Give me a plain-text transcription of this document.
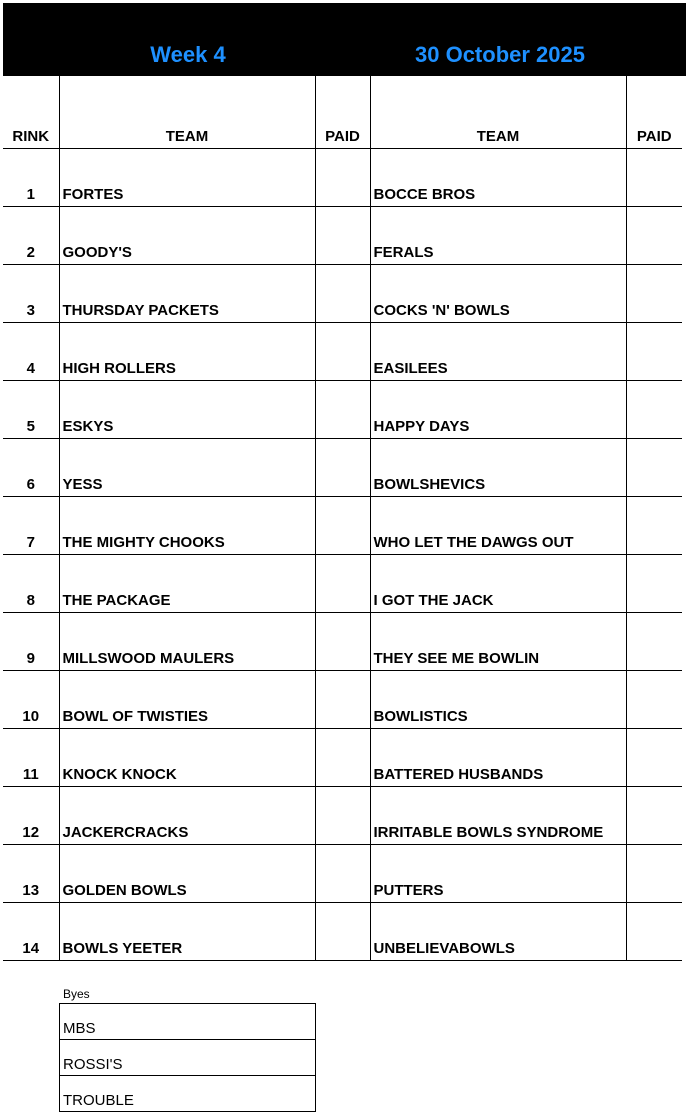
Week 4	30 October 2025
RINK	TEAM	PAID	TEAM	PAID
1	FORTES		BOCCE BROS	
2	GOODY'S		FERALS	
3	THURSDAY PACKETS		COCKS 'N' BOWLS	
4	HIGH ROLLERS		EASILEES	
5	ESKYS		HAPPY DAYS	
6	YESS		BOWLSHEVICS	
7	THE MIGHTY CHOOKS		WHO LET THE DAWGS OUT	
8	THE PACKAGE		I GOT THE JACK	
9	MILLSWOOD MAULERS		THEY SEE ME BOWLIN	
10	BOWL OF TWISTIES		BOWLISTICS	
11	KNOCK KNOCK		BATTERED HUSBANDS	
12	JACKERCRACKS		IRRITABLE BOWLS SYNDROME	
13	GOLDEN BOWLS		PUTTERS	
14	BOWLS YEETER		UNBELIEVABOWLS	
Byes
MBS
ROSSI'S
TROUBLE
